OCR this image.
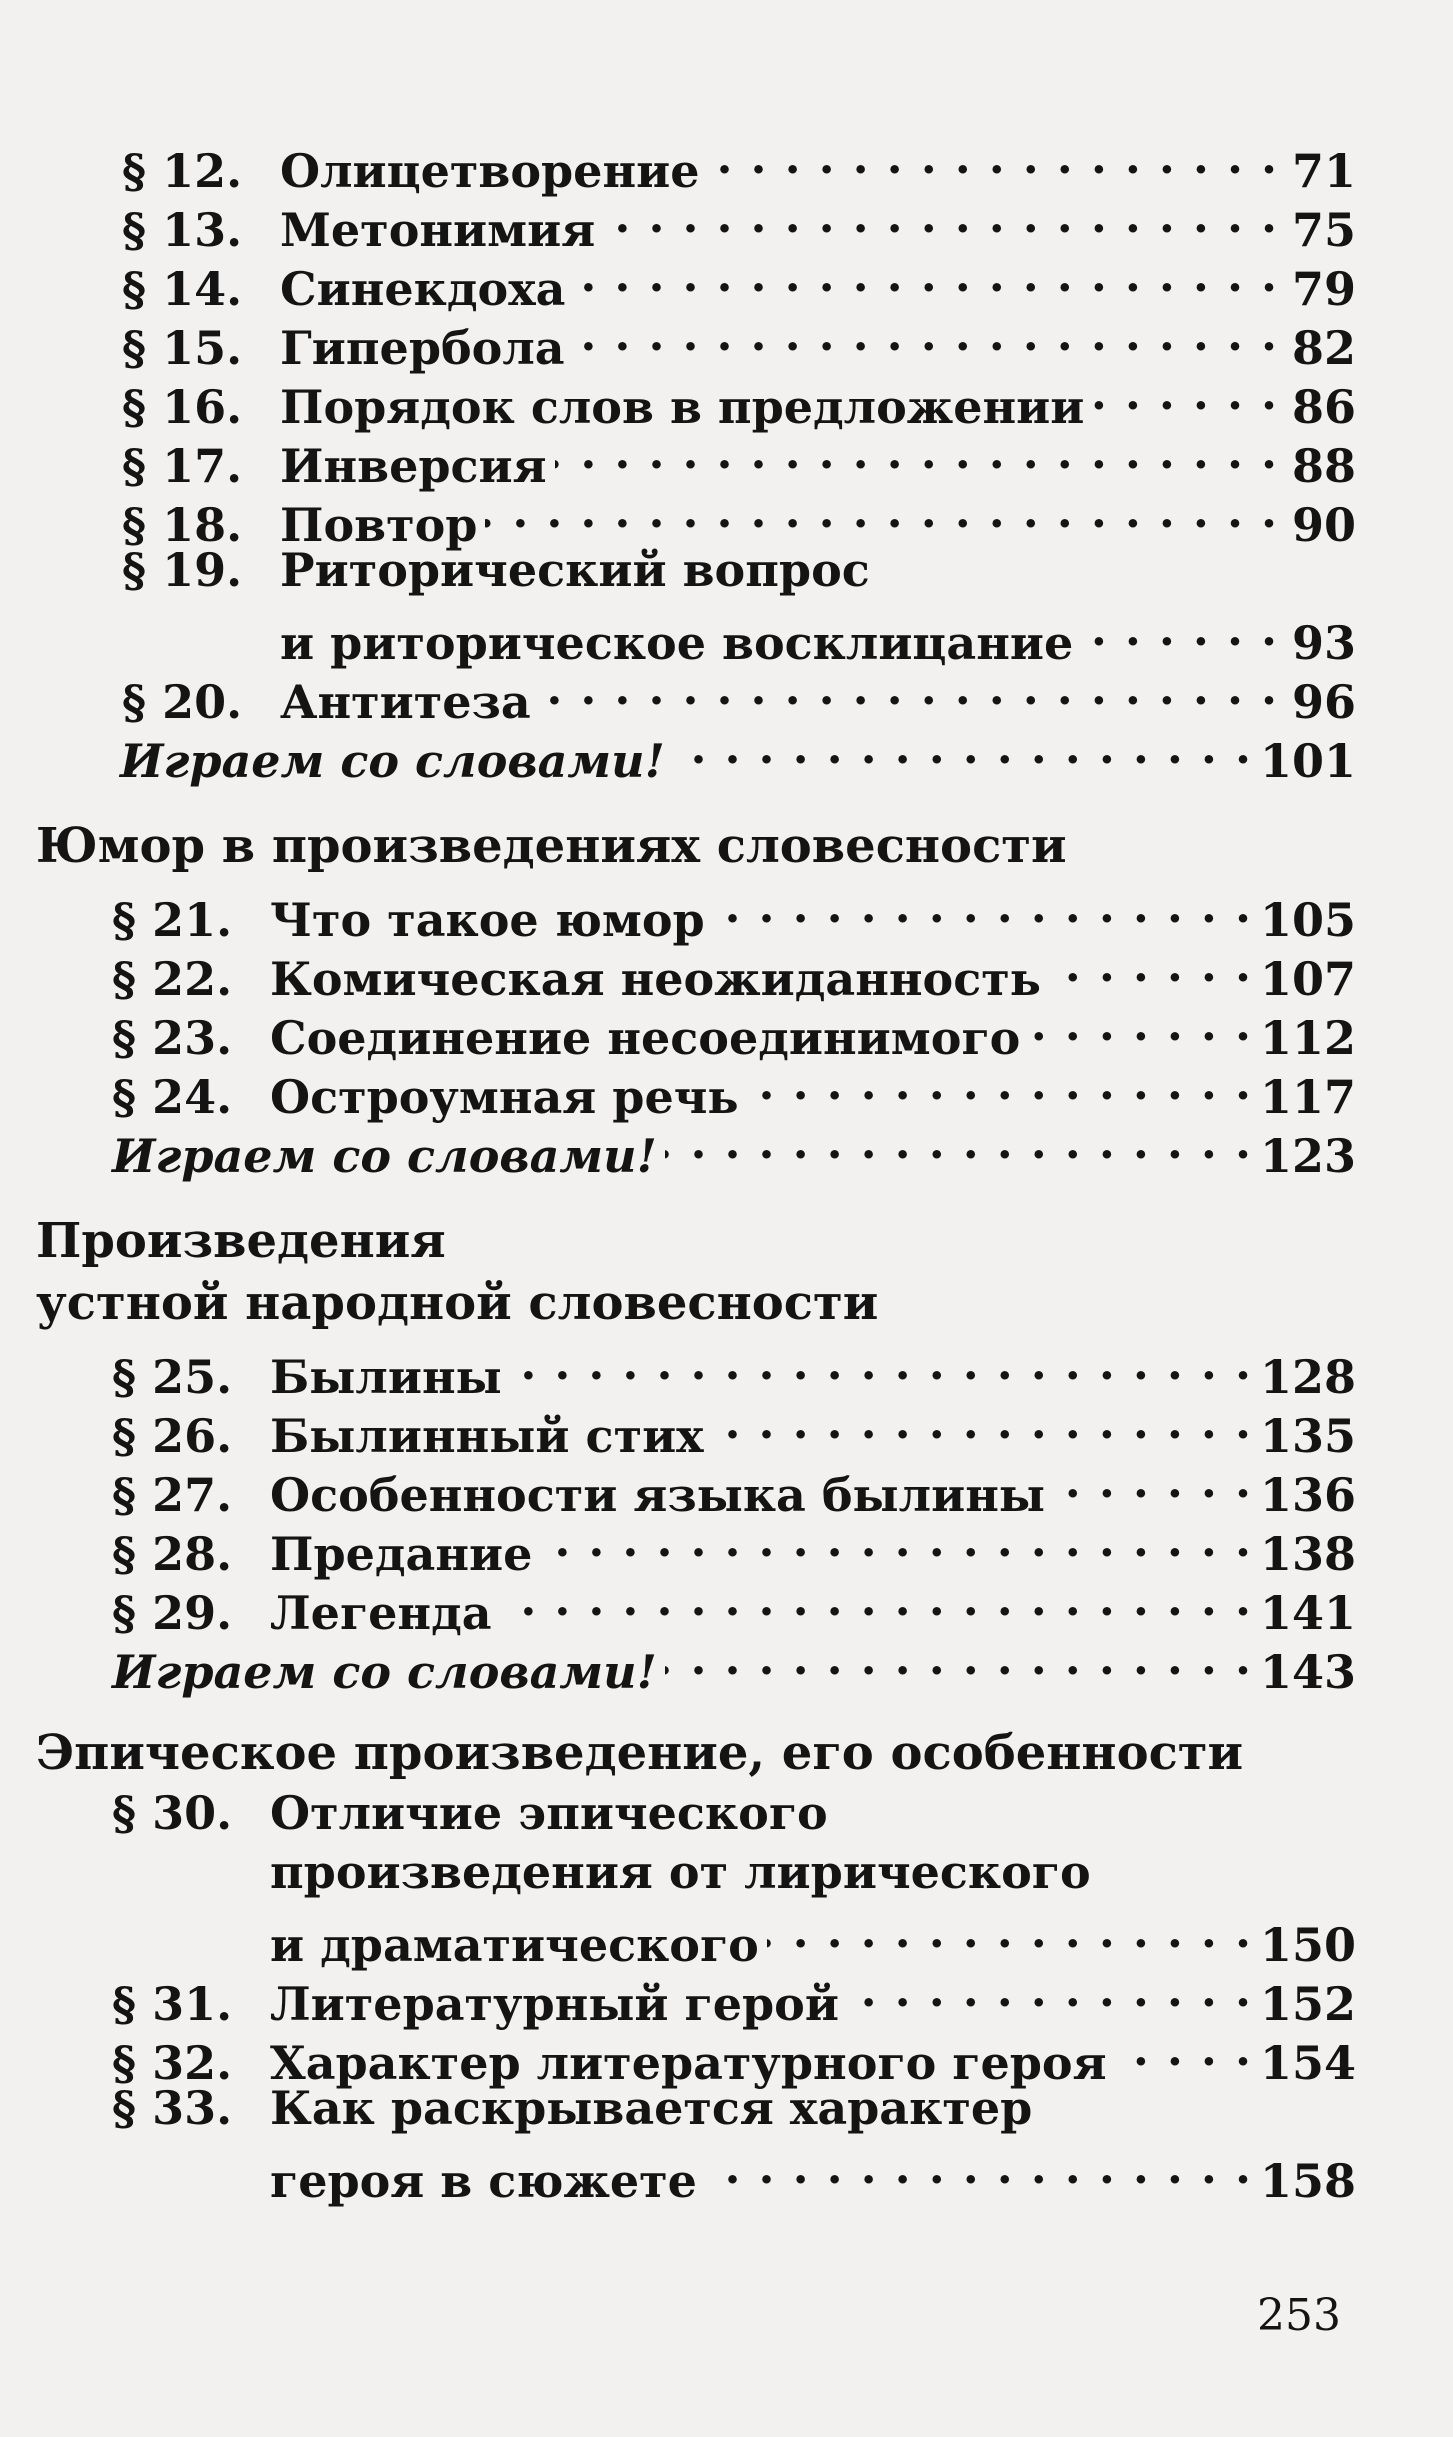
§ 12. Олицетворение . . .	71
§ 13. Метонимия . . .	75
§ 14. Синекдоха . . .	79
§ 15. Гипербола . . .	82
§ 16. Порядок слов в предложении . . .	86
§ 17. Инверсия . . .	88
§ 18. Повтор . . .	90
§ 19. Риторический вопрос
и риторическое восклицание . . .	93
§ 20. Антитеза . . .	96
Играем со словами! . . .	101
Юмор в произведениях словесности
§ 21. Что такое юмор . . .	105
§ 22. Комическая неожиданность . . .	107
§ 23. Соединение несоединимого . . .	112
§ 24. Остроумная речь . . .	117
Играем со словами! . . .	123
Произведения
устной народной словесности
§ 25. Былины . . .	128
§ 26. Былинный стих . . .	135
§ 27. Особенности языка былины . . .	136
§ 28. Предание . . .	138
§ 29. Легенда . . .	141
Играем со словами! . . .	143
Эпическое произведение, его особенности
§ 30. Отличие эпического
произведения от лирического
и драматического . . .	150
§ 31. Литературный герой . . .	152
§ 32. Характер литературного героя . . .	154
§ 33. Как раскрывается характер
героя в сюжете . . .	158
253
